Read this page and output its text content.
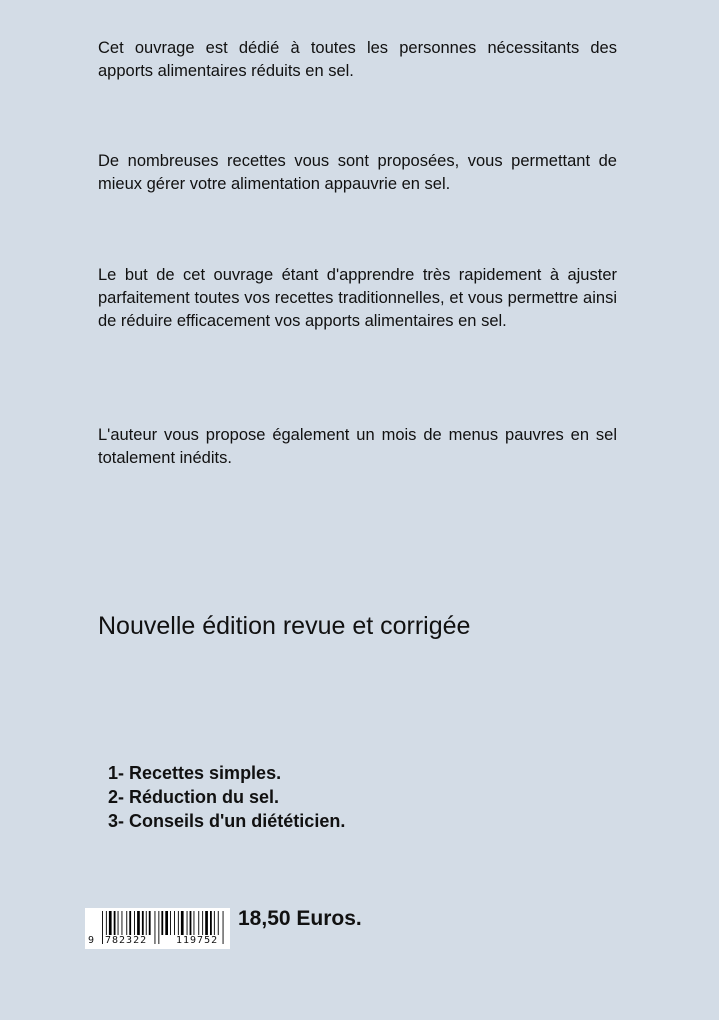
Cet ouvrage est dédié à toutes les personnes nécessitants des apports alimentaires réduits en sel.

De nombreuses recettes vous sont proposées, vous permettant de mieux gérer votre alimentation appauvrie en sel.

Le but de cet ouvrage étant d'apprendre très rapidement à ajuster parfaitement toutes vos recettes traditionnelles, et vous permettre ainsi de réduire efficacement vos apports alimentaires en sel.

L'auteur vous propose également un mois de menus pauvres en sel totalement inédits.

Nouvelle édition revue et corrigée
1- Recettes simples.
2- Réduction du sel.
3- Conseils d'un diététicien.
9 782322	119752
18,50 Euros.
